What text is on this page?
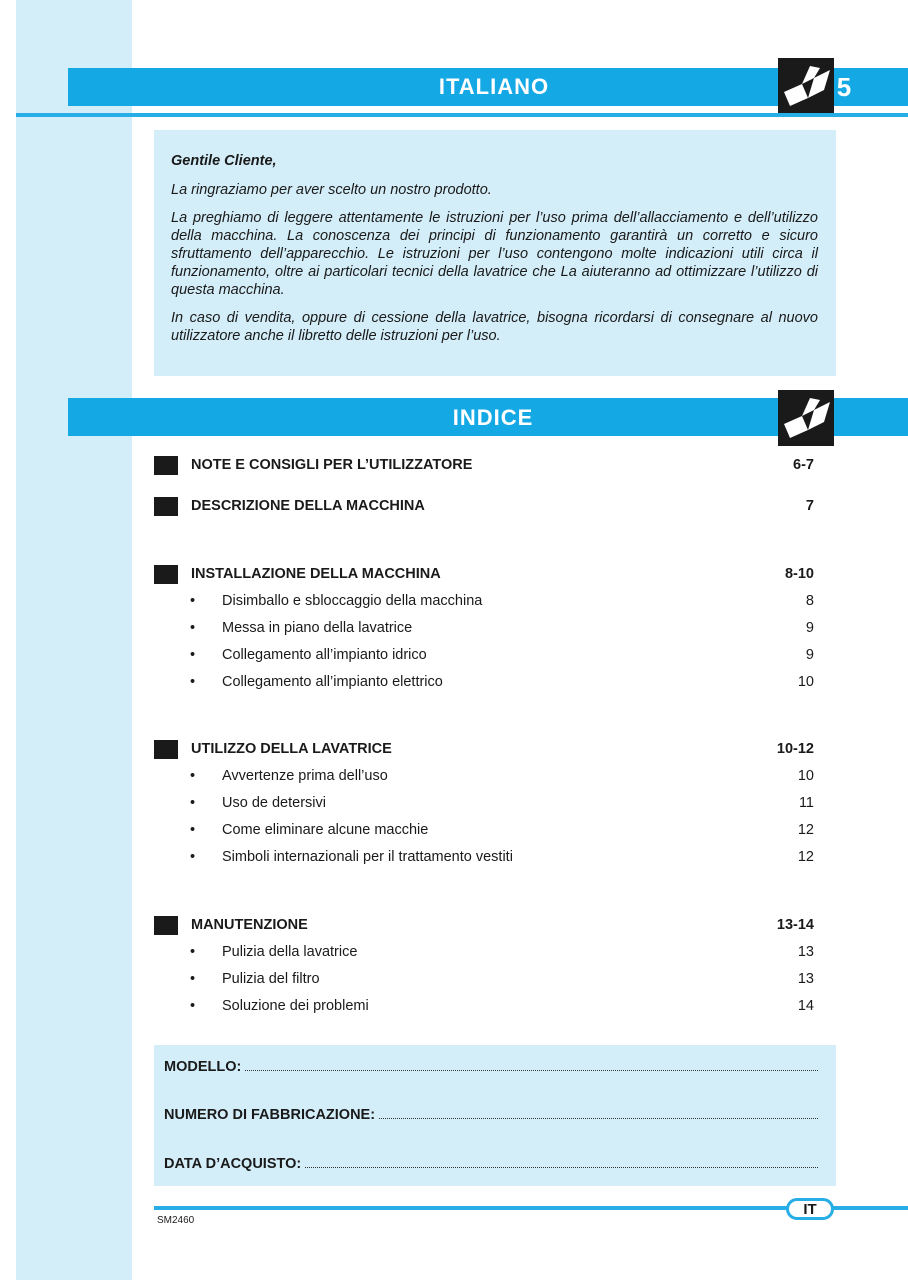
ITALIANO	5

Gentile Cliente,

La ringraziamo per aver scelto un nostro prodotto.

La preghiamo di leggere attentamente le istruzioni per l’uso prima dell’allacciamento e dell’utilizzo della macchina. La conoscenza dei principi di funzionamento garantirà un corretto e sicuro sfruttamento dell’apparecchio. Le istruzioni per l’uso contengono molte indicazioni utili circa il funzionamento, oltre ai particolari tecnici della lavatrice che La aiuteranno ad ottimizzare l’utilizzo di questa macchina.

In caso di vendita, oppure di cessione della lavatrice, bisogna ricordarsi di consegnare al nuovo utilizzatore anche il libretto delle istruzioni per l’uso.

INDICE
NOTE E CONSIGLI PER L’UTILIZZATORE	6-7
DESCRIZIONE DELLA MACCHINA	7
INSTALLAZIONE DELLA MACCHINA	8-10
• Disimballo e sbloccaggio della macchina	8
• Messa in piano della lavatrice	9
• Collegamento all’impianto idrico	9
• Collegamento all’impianto elettrico	10
UTILIZZO DELLA LAVATRICE	10-12
• Avvertenze prima dell’uso	10
• Uso de detersivi	11
• Come eliminare alcune macchie	12
• Simboli internazionali per il trattamento vestiti	12
MANUTENZIONE	13-14
• Pulizia della lavatrice	13
• Pulizia del filtro	13
• Soluzione dei problemi	14
MODELLO:
NUMERO DI FABBRICAZIONE:
DATA D’ACQUISTO:
IT
SM2460
